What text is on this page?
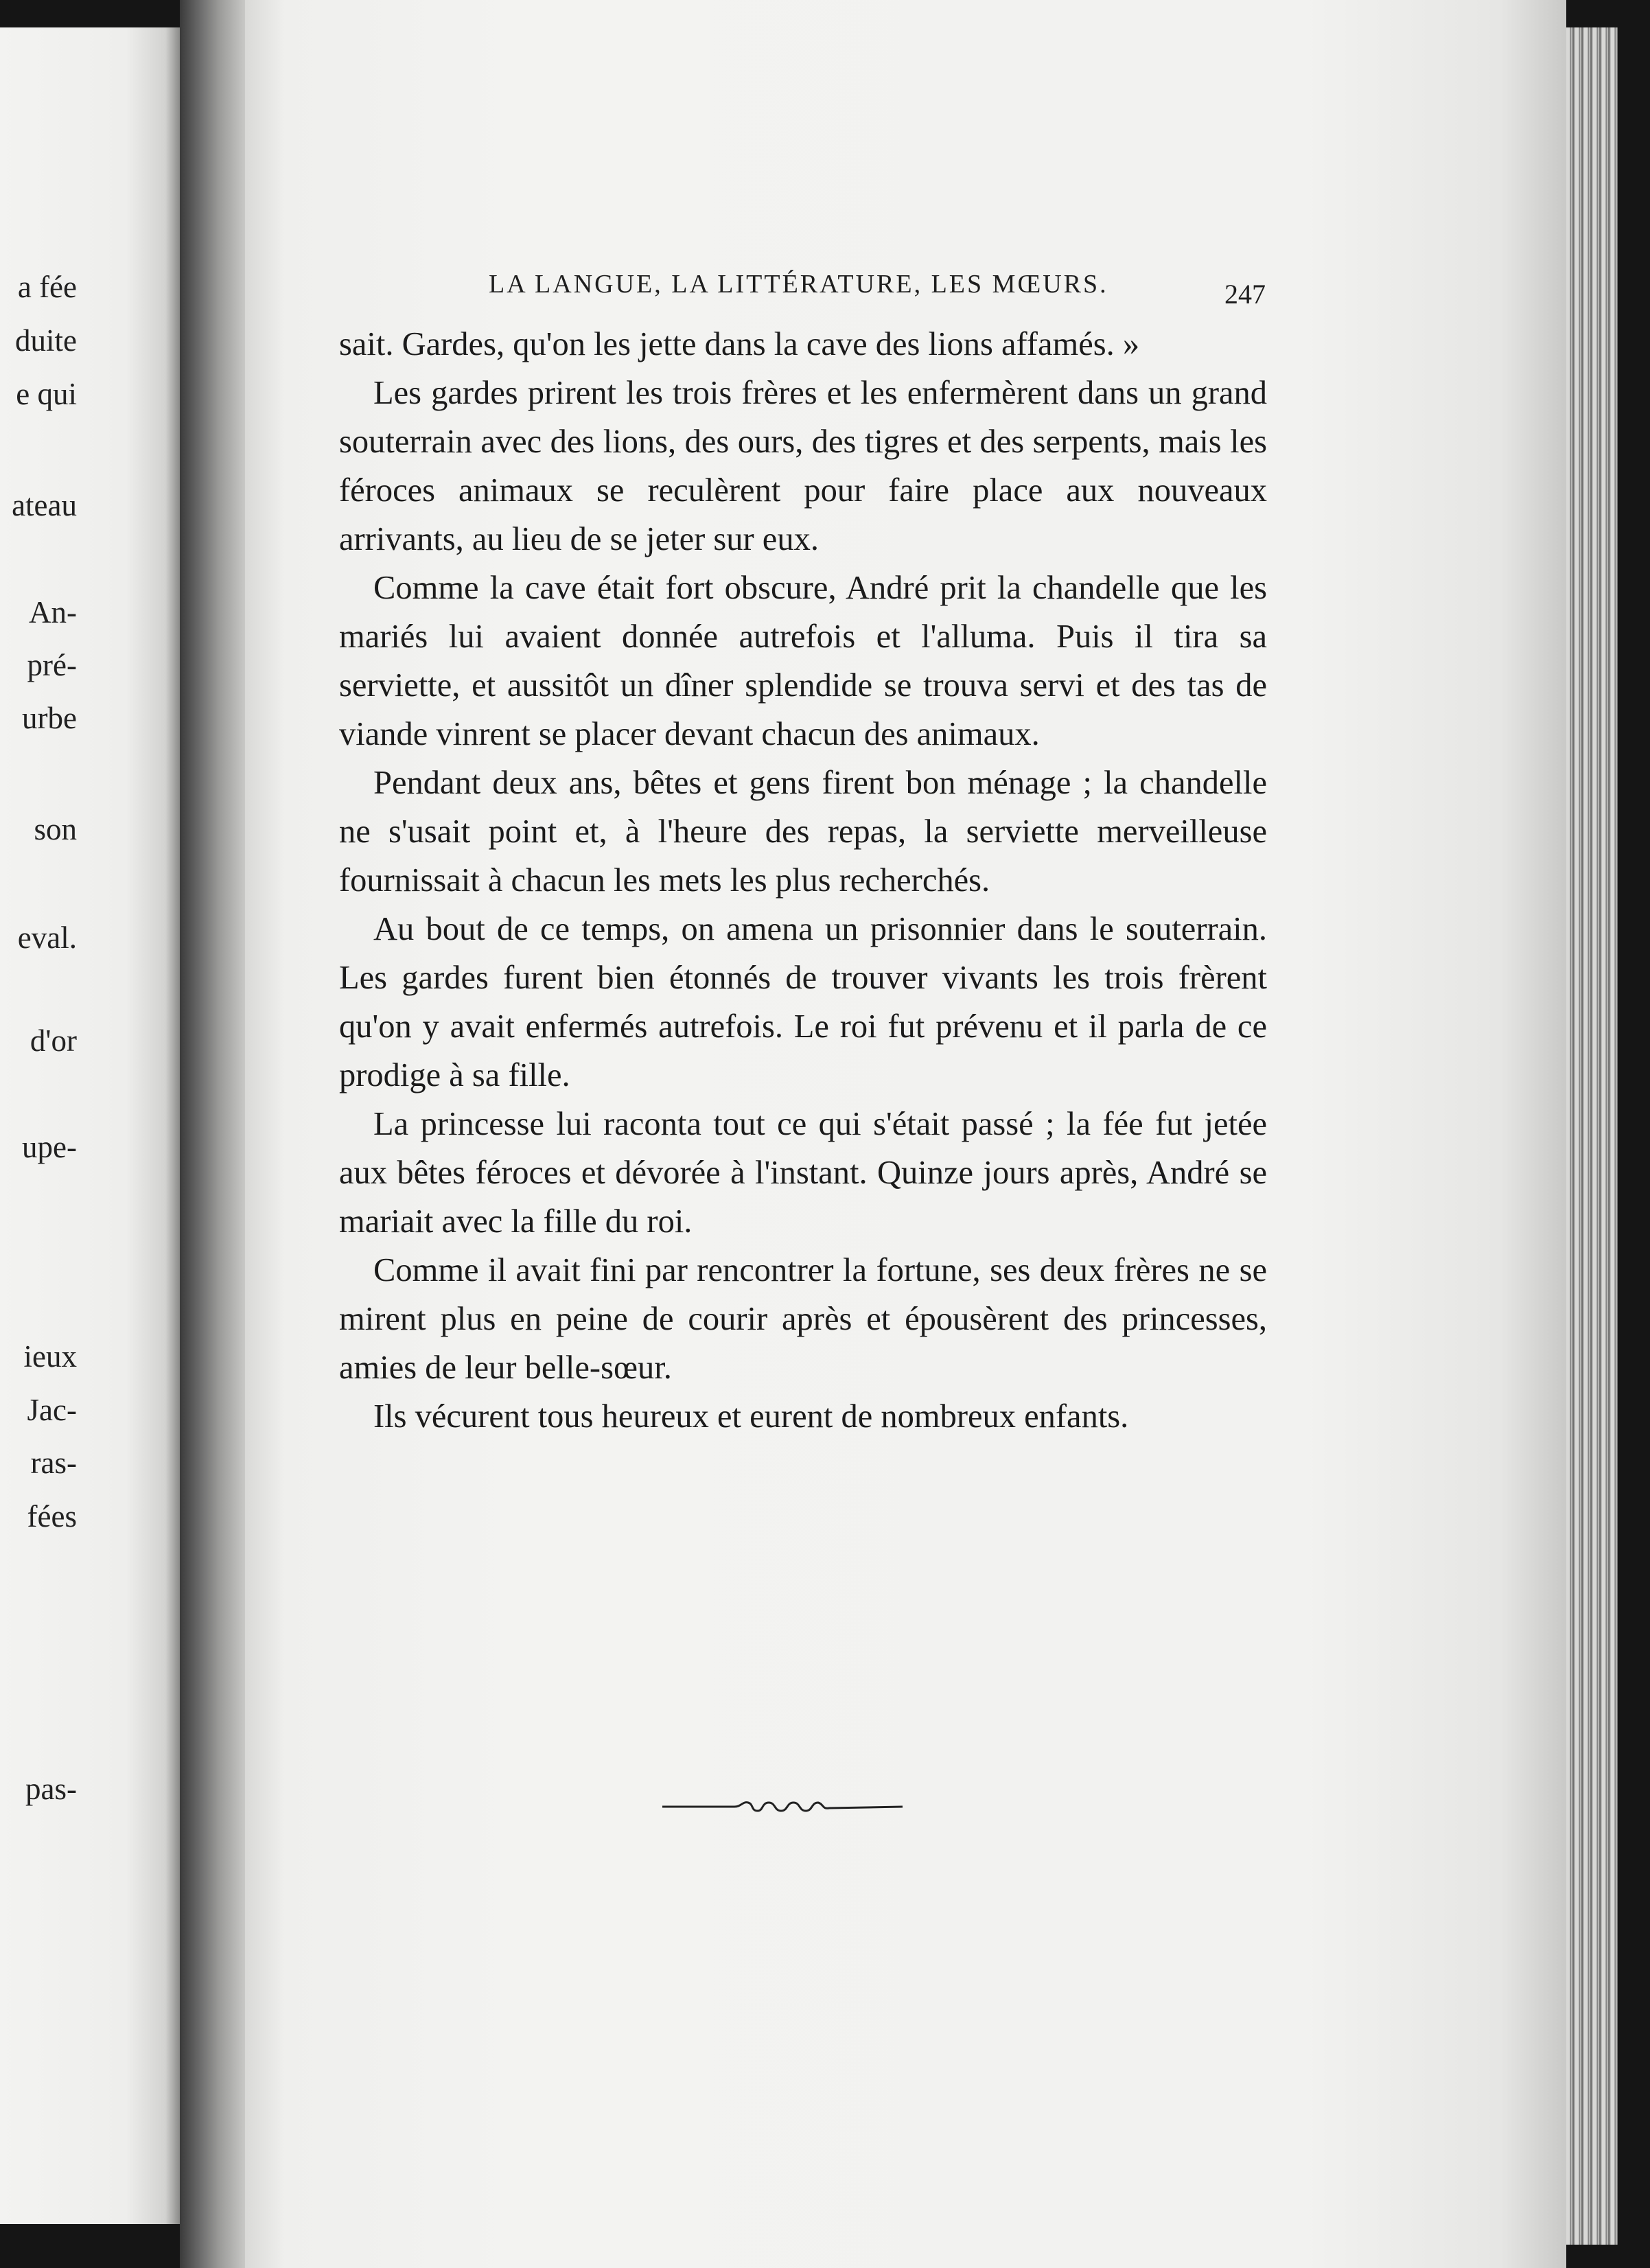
a fée
duite
e qui
ateau
An-
pré-
urbe
son
eval.
d'or
upe-
ieux
Jac-
ras-
fées
pas-
LA LANGUE, LA LITTÉRATURE, LES MŒURS.	247

sait. Gardes, qu'on les jette dans la cave des lions affamés. »

Les gardes prirent les trois frères et les enfermèrent dans un grand souterrain avec des lions, des ours, des tigres et des serpents, mais les féroces animaux se reculèrent pour faire place aux nouveaux arrivants, au lieu de se jeter sur eux.

Comme la cave était fort obscure, André prit la chandelle que les mariés lui avaient donnée autrefois et l'alluma. Puis il tira sa serviette, et aussitôt un dîner splendide se trouva servi et des tas de viande vinrent se placer devant chacun des animaux.

Pendant deux ans, bêtes et gens firent bon ménage ; la chandelle ne s'usait point et, à l'heure des repas, la serviette merveilleuse fournissait à chacun les mets les plus recherchés.

Au bout de ce temps, on amena un prisonnier dans le souterrain. Les gardes furent bien étonnés de trouver vivants les trois frèrent qu'on y avait enfermés autrefois. Le roi fut prévenu et il parla de ce prodige à sa fille.

La princesse lui raconta tout ce qui s'était passé ; la fée fut jetée aux bêtes féroces et dévorée à l'instant. Quinze jours après, André se mariait avec la fille du roi.

Comme il avait fini par rencontrer la fortune, ses deux frères ne se mirent plus en peine de courir après et épousèrent des princesses, amies de leur belle-sœur.

Ils vécurent tous heureux et eurent de nombreux enfants.
